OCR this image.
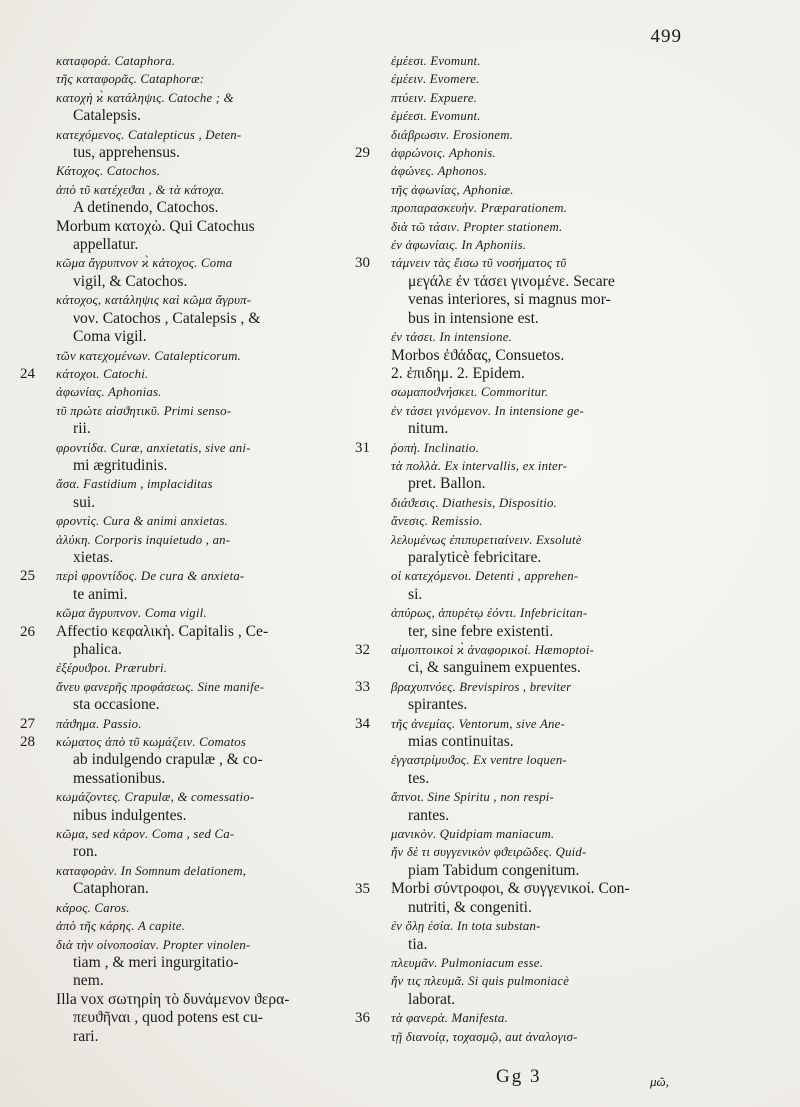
499
κατaφορά. Cataphora.
τῆς καταφορᾶς. Cataphoræ:
κατοχὴ ϰ̀ κατάληψις. Catoche ; &

Catalepsis.
κατεχόμενος. Catalepticus , Deten-

tus, apprehensus.
Κάτοχος. Catochos.
ἀπὸ τῦ κατέχεϑαι , & τὰ κάτοχα.

A detinendo, Catochos.
Morbum κατοχὼ. Qui Catochus

appellatur.
κῶμα ἄγρυπνον ϰ̀ κάτοχος. Coma

vigil, & Catochos.
κάτοχος, κατάληψις καὶ κῶμα ἄγρυπ-

νον. Catochos , Catalepsis , &
Coma vigil.
τῶν κατεχομένων. Catalepticorum.
24	κάτοχοι. Catochi.
ἀφωνίας. Aphonias.
τῦ πρώτε αἰσϑητικῦ. Primi senso-

rii.
φροντίδα. Curæ, anxietatis, sive ani-

mi ægritudinis.
ἄσα. Fastidium , implaciditas

sui.
φροντὶς. Cura & animi anxietas.
ἀλύκη. Corporis inquietudo , an-

xietas.
25	περὶ φροντίδος. De cura & anxieta-

te animi.
κῶμα ἄγρυπνον. Coma vigil.
26	Affectio κεφαλικὴ. Capitalis , Ce-

phalica.
ἐξέρυϑροι. Prærubri.
ἄνευ φανερῆς προφάσεως. Sine manife-

sta occasione.
27	πάϑημα. Passio.
28	κώματος ἀπὸ τῦ κωμάζειν. Comatos

ab indulgendo crapulæ , & co-
messationibus.
κωμάζοντες. Crapulæ, & comessatio-

nibus indulgentes.
κῶμα, sed κάρον. Coma , sed Ca-

ron.
καταφορὰν. In Somnum delationem,

Cataphoran.
κάρος. Caros.
ἀπὸ τῆς κάρης. A capite.
διὰ τὴν οἰνοποσίαν. Propter vinolen-

tiam , & meri ingurgitatio-
nem.
Illa vox σωτηρίη τὸ δυνάμενον ϑερα-

πευϑῆναι , quod potens est cu-
rari.
ἐμέεσι. Evomunt.
ἐμέειν. Evomere.
πτύειν. Expuere.
ἐμέεσι. Evomunt.
διάβρωσιν. Erosionem.
29	ἀφρώνοις. Aphonis.
ἀφώνες. Aphonos.
τῆς ἀφωνίας, Aphoniæ.
προπαρασκευὴν. Præparationem.
διὰ τῶ τάσιν. Propter stationem.
ἐν ἀφωνίαις. In Aphoniis.
30	τάμνειν τὰς ἔισω τῦ νοσήματος τῦ

μεγάλε ἐν τάσει γινομένε. Secare
venas interiores, si magnus mor-
bus in intensione est.
ἐν τάσει. In intensione.
Morbos ἐϑάδας, Consuetos.
2. ἐπιδημ. 2. Epidem.
σωμαποϑνήσκει. Commoritur.
ἐν τάσει γινόμενον. In intensione ge-

nitum.
31	ῥοπὴ. Inclinatio.
τὰ πολλὰ. Ex intervallis, ex inter-

pret. Ballon.
διάϑεσις. Diathesis, Dispositio.
ἄνεσις. Remissio.
λελυμένως ἐπιπυρετιαίνειν. Exsolutè

paralyticè febricitare.
οἱ κατεχόμενοι. Detenti , apprehen-

si.
ἀπύρως, ἀπυρέτῳ ἐόντι. Infebricitan-

ter, sine febre existenti.
32	αἱμοπτοικοὶ ϰ̀ ἀναφορικοί. Hæmoptoi-

ci, & sanguinem expuentes.
33	βραχυπνόες. Brevispiros , breviter

spirantes.
34	τῆς ἀνεμίας. Ventorum, sive Ane-

mias continuitas.
ἐγγαστρίμυϑος. Ex ventre loquen-

tes.
ἄπνοι. Sine Spiritu , non respi-

rantes.
μανικὸν. Quidpiam maniacum.
ἤν δὲ τι συγγενικὸν φϑειρῶδες. Quid-

piam Tabidum congenitum.
35	Morbi σύντροφοι, & συγγενικοί. Con-

nutriti, & congeniti.
ἐν ὅλῃ ἐσία. In tota substan-

tia.
πλευμᾶν. Pulmoniacum esse.
ἤν τις πλευμᾶ. Si quis pulmoniacè

laborat.
36	τὰ φανερὰ. Manifesta.
τῇ διανοίᾳ, τοχασμῷ, aut ἀναλογισ-
Gg 3	μῶ,
